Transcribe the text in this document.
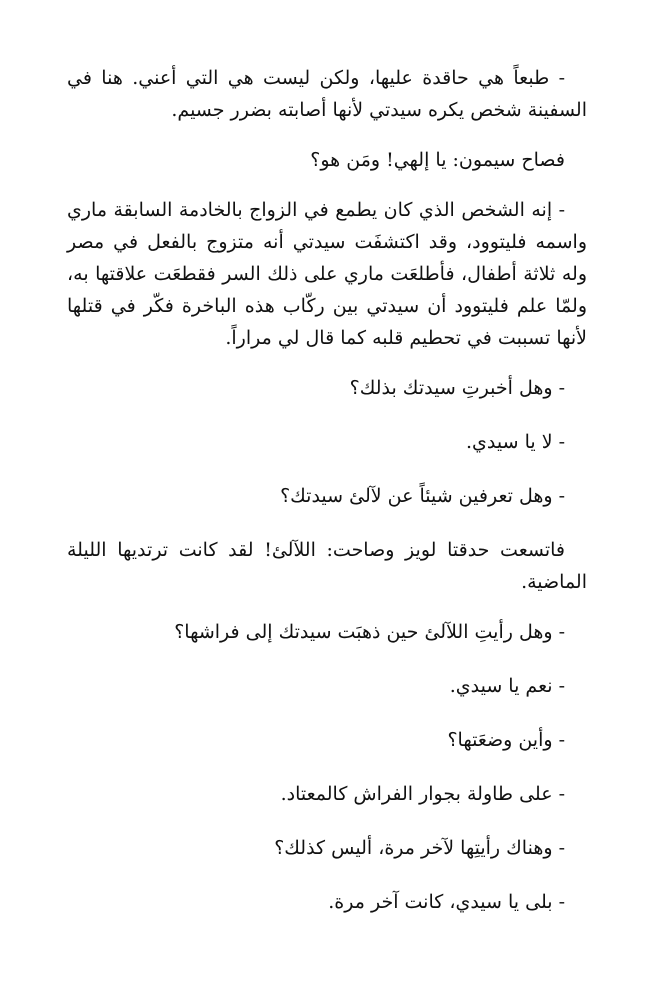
- طبعاً هي حاقدة عليها، ولكن ليست هي التي أعني. هنا في السفينة شخص يكره سيدتي لأنها أصابته بضرر جسيم.

فصاح سيمون: يا إلهي! ومَن هو؟

- إنه الشخص الذي كان يطمع في الزواج بالخادمة السابقة ماري واسمه فليتوود، وقد اكتشفَت سيدتي أنه متزوج بالفعل في مصر وله ثلاثة أطفال، فأطلعَت ماري على ذلك السر فقطعَت علاقتها به، ولمّا علم فليتوود أن سيدتي بين ركّاب هذه الباخرة فكّر في قتلها لأنها تسببت في تحطيم قلبه كما قال لي مراراً.

- وهل أخبرتِ سيدتك بذلك؟

- لا يا سيدي.

- وهل تعرفين شيئاً عن لآلئ سيدتك؟

فاتسعت حدقتا لويز وصاحت: اللآلئ! لقد كانت ترتديها الليلة الماضية.

- وهل رأيتِ اللآلئ حين ذهبَت سيدتك إلى فراشها؟

- نعم يا سيدي.

- وأين وضعَتها؟

- على طاولة بجوار الفراش كالمعتاد.

- وهناك رأيتِها لآخر مرة، أليس كذلك؟

- بلى يا سيدي، كانت آخر مرة.
